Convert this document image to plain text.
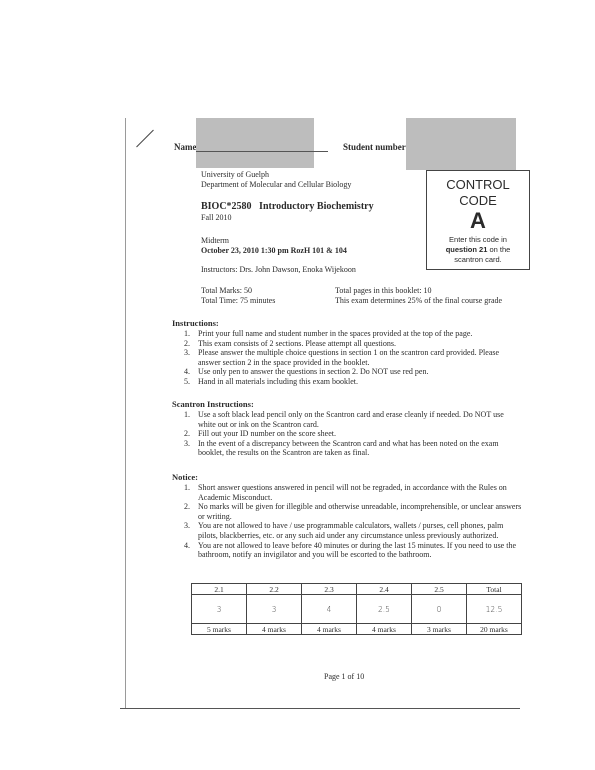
Name	Student number
University of Guelph
Department of Molecular and Cellular Biology
BIOC*2580   Introductory Biochemistry
Fall 2010
Midterm
October 23, 2010 1:30 pm RozH 101 & 104
Instructors: Drs. John Dawson, Enoka Wijekoon
Total Marks: 50
Total Time: 75 minutes
Total pages in this booklet: 10
This exam determines 25% of the final course grade
CONTROL
CODE
A
Enter this code in
question 21 on the
scantron card.
Instructions:
1. Print your full name and student number in the spaces provided at the top of the page.
2. This exam consists of 2 sections. Please attempt all questions.
3. Please answer the multiple choice questions in section 1 on the scantron card provided. Please answer section 2 in the space provided in the booklet.
4. Use only pen to answer the questions in section 2. Do NOT use red pen.
5. Hand in all materials including this exam booklet.
Scantron Instructions:
1. Use a soft black lead pencil only on the Scantron card and erase cleanly if needed. Do NOT use white out or ink on the Scantron card.
2. Fill out your ID number on the score sheet.
3. In the event of a discrepancy between the Scantron card and what has been noted on the exam booklet, the results on the Scantron are taken as final.
Notice:
1. Short answer questions answered in pencil will not be regraded, in accordance with the Rules on Academic Misconduct.
2. No marks will be given for illegible and otherwise unreadable, incomprehensible, or unclear answers or writing.
3. You are not allowed to have / use programmable calculators, wallets / purses, cell phones, palm pilots, blackberries, etc. or any such aid under any circumstance unless previously authorized.
4. You are not allowed to leave before 40 minutes or during the last 15 minutes. If you need to use the bathroom, notify an invigilator and you will be escorted to the bathroom.
2.1	2.2	2.3	2.4	2.5	Total
3	3	4	2.5	0	12.5
5 marks	4 marks	4 marks	4 marks	3 marks	20 marks
Page 1 of 10
